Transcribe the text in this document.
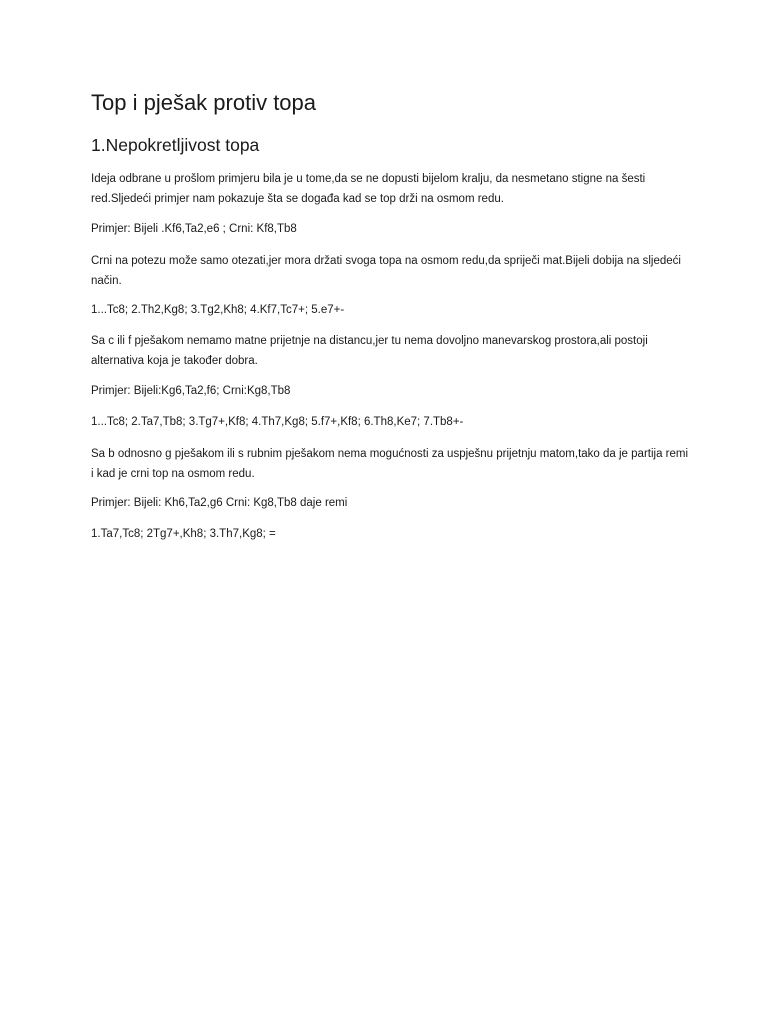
Top i pješak protiv topa
1.Nepokretljivost topa

Ideja odbrane u prošlom primjeru bila je u tome,da se ne dopusti bijelom kralju, da nesmetano stigne na šesti red.Sljedeći primjer nam pokazuje šta se događa kad se top drži na osmom redu.

Primjer: Bijeli .Kf6,Ta2,e6 ; Crni: Kf8,Tb8

Crni na potezu može samo otezati,jer mora držati svoga topa na osmom redu,da spriječi mat.Bijeli dobija na sljedeći način.

1...Tc8; 2.Th2,Kg8; 3.Tg2,Kh8; 4.Kf7,Tc7+; 5.e7+-

Sa c ili f pješakom nemamo matne prijetnje na distancu,jer tu nema dovoljno manevarskog prostora,ali postoji alternativa koja je također dobra.

Primjer: Bijeli:Kg6,Ta2,f6; Crni:Kg8,Tb8

1...Tc8; 2.Ta7,Tb8; 3.Tg7+,Kf8; 4.Th7,Kg8; 5.f7+,Kf8; 6.Th8,Ke7; 7.Tb8+-

Sa b odnosno g pješakom ili s rubnim pješakom nema mogućnosti za uspješnu prijetnju matom,tako da je partija remi i kad je crni top na osmom redu.

Primjer: Bijeli: Kh6,Ta2,g6 Crni: Kg8,Tb8 daje remi

1.Ta7,Tc8; 2Tg7+,Kh8; 3.Th7,Kg8; =
